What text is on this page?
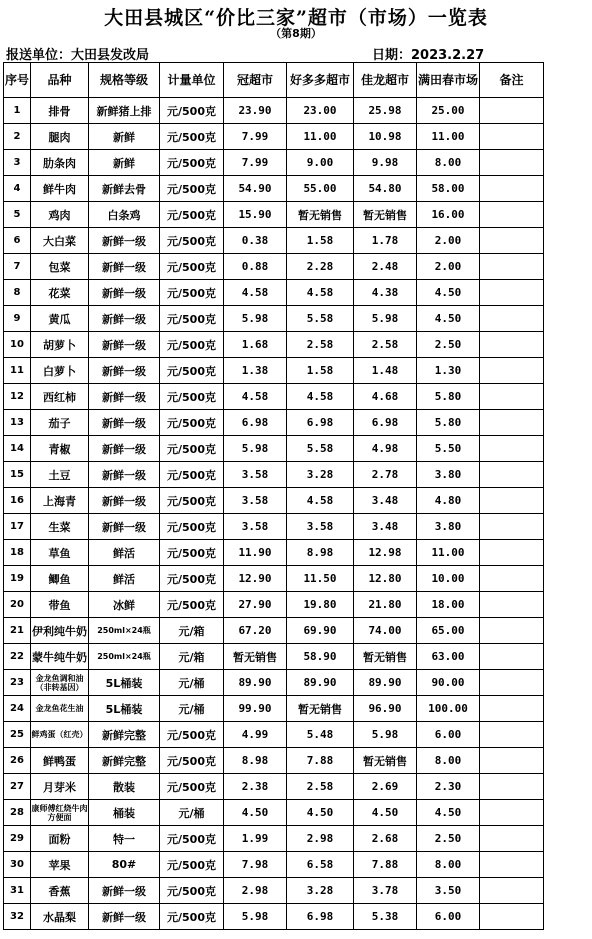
大田县城区“价比三家”超市（市场）一览表
（第8期）
报送单位：大田县发改局	日期：2023.2.27
序号	品种	规格等级	计量单位	冠超市	好多多超市	佳龙超市	满田春市场	备注
1	排骨	新鲜猪上排	元/500克	23.90	23.00	25.98	25.00	
2	腿肉	新鲜	元/500克	7.99	11.00	10.98	11.00	
3	肋条肉	新鲜	元/500克	7.99	9.00	9.98	8.00	
4	鲜牛肉	新鲜去骨	元/500克	54.90	55.00	54.80	58.00	
5	鸡肉	白条鸡	元/500克	15.90	暂无销售	暂无销售	16.00	
6	大白菜	新鲜一级	元/500克	0.38	1.58	1.78	2.00	
7	包菜	新鲜一级	元/500克	0.88	2.28	2.48	2.00	
8	花菜	新鲜一级	元/500克	4.58	4.58	4.38	4.50	
9	黄瓜	新鲜一级	元/500克	5.98	5.58	5.98	4.50	
10	胡萝卜	新鲜一级	元/500克	1.68	2.58	2.58	2.50	
11	白萝卜	新鲜一级	元/500克	1.38	1.58	1.48	1.30	
12	西红柿	新鲜一级	元/500克	4.58	4.58	4.68	5.80	
13	茄子	新鲜一级	元/500克	6.98	6.98	6.98	5.80	
14	青椒	新鲜一级	元/500克	5.98	5.58	4.98	5.50	
15	土豆	新鲜一级	元/500克	3.58	3.28	2.78	3.80	
16	上海青	新鲜一级	元/500克	3.58	4.58	3.48	4.80	
17	生菜	新鲜一级	元/500克	3.58	3.58	3.48	3.80	
18	草鱼	鲜活	元/500克	11.90	8.98	12.98	11.00	
19	鲫鱼	鲜活	元/500克	12.90	11.50	12.80	10.00	
20	带鱼	冰鲜	元/500克	27.90	19.80	21.80	18.00	
21	伊利纯牛奶	250ml×24瓶	元/箱	67.20	69.90	74.00	65.00	
22	蒙牛纯牛奶	250ml×24瓶	元/箱	暂无销售	58.90	暂无销售	63.00	
23	金龙鱼调和油（非转基因）	5L桶装	元/桶	89.90	89.90	89.90	90.00	
24	金龙鱼花生油	5L桶装	元/桶	99.90	暂无销售	96.90	100.00	
25	鲜鸡蛋（红壳）	新鲜完整	元/500克	4.99	5.48	5.98	6.00	
26	鲜鸭蛋	新鲜完整	元/500克	8.98	7.88	暂无销售	8.00	
27	月芽米	散装	元/500克	2.38	2.58	2.69	2.30	
28	康师傅红烧牛肉方便面	桶装	元/桶	4.50	4.50	4.50	4.50	
29	面粉	特一	元/500克	1.99	2.98	2.68	2.50	
30	苹果	80#	元/500克	7.98	6.58	7.88	8.00	
31	香蕉	新鲜一级	元/500克	2.98	3.28	3.78	3.50	
32	水晶梨	新鲜一级	元/500克	5.98	6.98	5.38	6.00	
